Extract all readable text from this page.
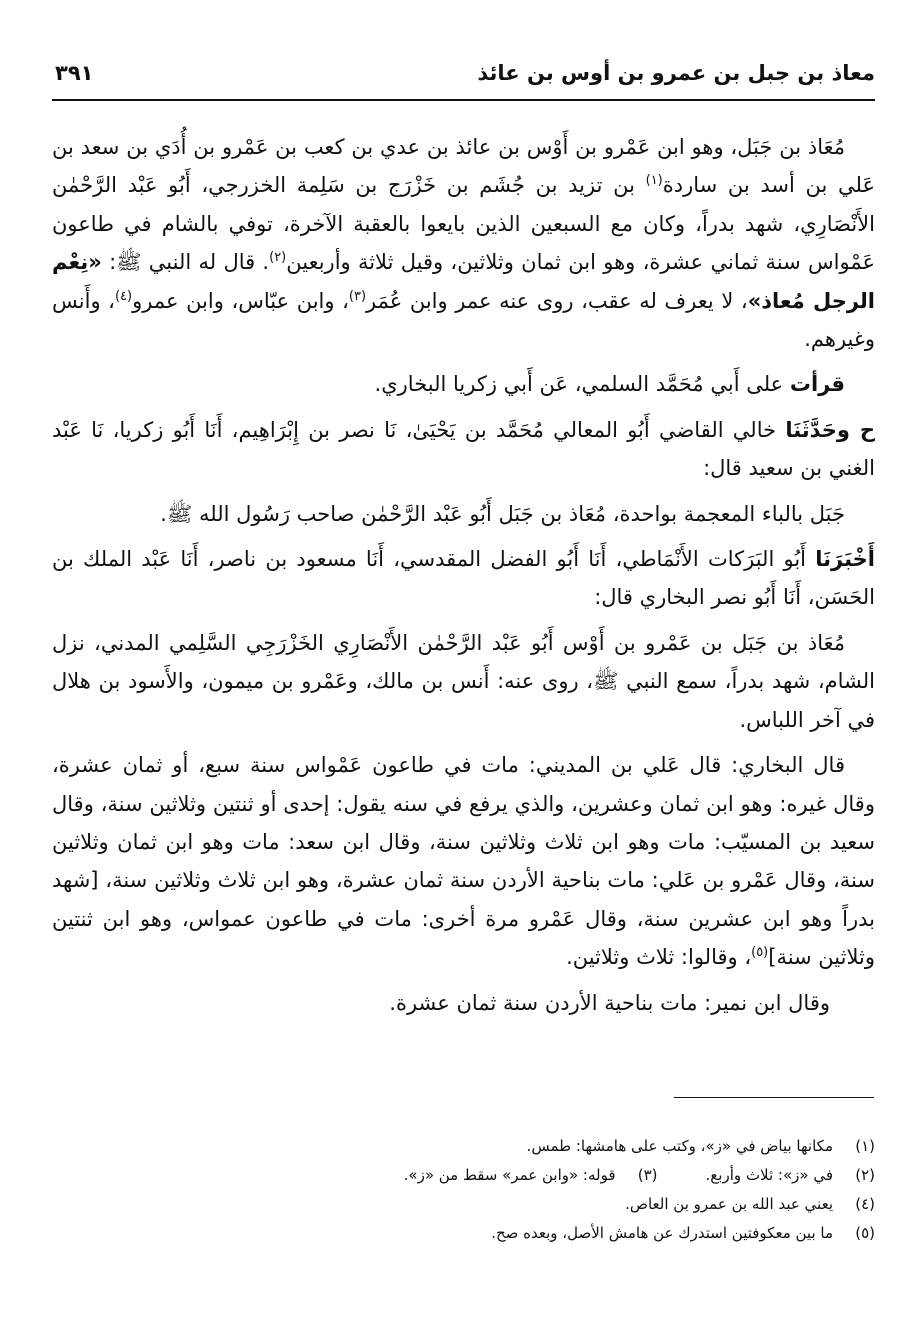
معاذ بن جبل بن عمرو بن أوس بن عائذ
٣٩١

مُعَاذ بن جَبَل، وهو ابن عَمْرو بن أَوْس بن عائذ بن عدي بن كعب بن عَمْرو بن أُدَي بن سعد بن عَلي بن أسد بن ساردة$^{(١)}$ بن تزيد بن جُشَم بن خَزْرَج بن سَلِمة الخزرجي، أَبُو عَبْد الرَّحْمٰن الأَنْصَارِي، شهد بدراً، وكان مع السبعين الذين بايعوا بالعقبة الآخرة، توفي بالشام في طاعون عَمْواس سنة ثماني عشرة، وهو ابن ثمان وثلاثين، وقيل ثلاثة وأربعين$^{(٢)}$. قال له النبي ﷺ: «نِعْم الرجل مُعاذ»، لا يعرف له عقب، روى عنه عمر وابن عُمَر$^{(٣)}$، وابن عبّاس، وابن عمرو$^{(٤)}$، وأَنس وغيرهم.

قرأت على أَبي مُحَمَّد السلمي، عَن أَبي زكريا البخاري.

ح وحَدَّثَنَا خالي القاضي أَبُو المعالي مُحَمَّد بن يَحْيَىٰ، نَا نصر بن إِبْرَاهِيم، أَنَا أَبُو زكريا، نَا عَبْد الغني بن سعيد قال:

جَبَل بالباء المعجمة بواحدة، مُعَاذ بن جَبَل أَبُو عَبْد الرَّحْمٰن صاحب رَسُول الله ﷺ.

أَخْبَرَنَا أَبُو البَرَكات الأَنْمَاطي، أَنَا أَبُو الفضل المقدسي، أَنَا مسعود بن ناصر، أَنَا عَبْد الملك بن الحَسَن، أَنَا أَبُو نصر البخاري قال:

مُعَاذ بن جَبَل بن عَمْرو بن أَوْس أَبُو عَبْد الرَّحْمٰن الأَنْصَارِي الخَزْرَجِي السَّلِمي المدني، نزل الشام، شهد بدراً، سمع النبي ﷺ، روى عنه: أَنس بن مالك، وعَمْرو بن ميمون، والأَسود بن هلال في آخر اللباس.

قال البخاري: قال عَلي بن المديني: مات في طاعون عَمْواس سنة سبع، أو ثمان عشرة، وقال غيره: وهو ابن ثمان وعشرين، والذي يرفع في سنه يقول: إحدى أو ثنتين وثلاثين سنة، وقال سعيد بن المسيّب: مات وهو ابن ثلاث وثلاثين سنة، وقال ابن سعد: مات وهو ابن ثمان وثلاثين سنة، وقال عَمْرو بن عَلي: مات بناحية الأردن سنة ثمان عشرة، وهو ابن ثلاث وثلاثين سنة، [شهد بدراً وهو ابن عشرين سنة، وقال عَمْرو مرة أخرى: مات في طاعون عمواس، وهو ابن ثنتين وثلاثين سنة]$^{(٥)}$، وقالوا: ثلاث وثلاثين.

وقال ابن نمير: مات بناحية الأردن سنة ثمان عشرة.

(١)مكانها بياض في «ز»، وكتب على هامشها: طمس.
(٢)في «ز»: ثلاث وأربع.(٣)قوله: «وابن عمر» سقط من «ز».
(٤)يعني عبد الله بن عمرو بن العاص.
(٥)ما بين معكوفتين استدرك عن هامش الأصل، وبعده صح.
